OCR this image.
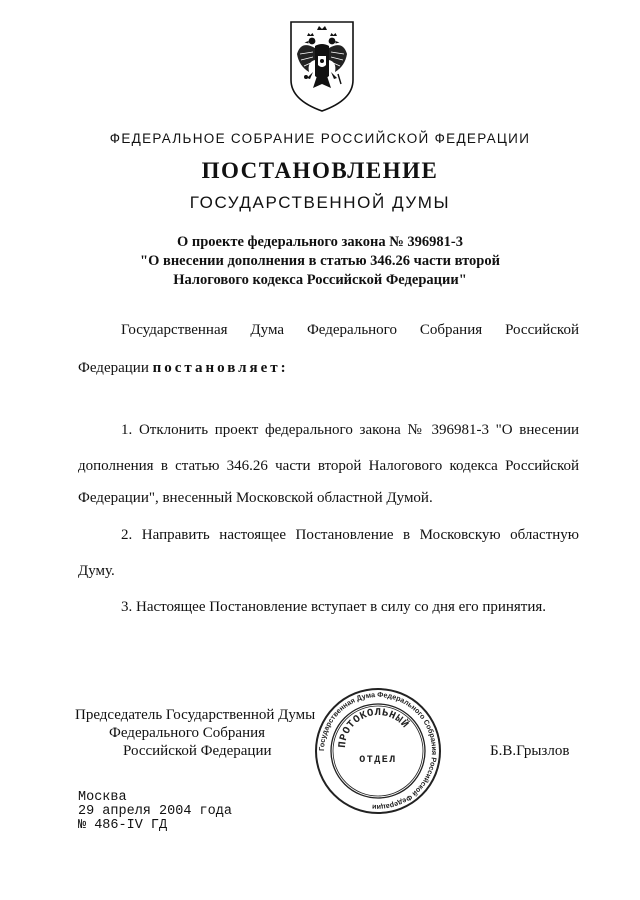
ФЕДЕРАЛЬНОЕ СОБРАНИЕ РОССИЙСКОЙ ФЕДЕРАЦИИ
ПОСТАНОВЛЕНИЕ
ГОСУДАРСТВЕННОЙ ДУМЫ
О проекте федерального закона № 396981-3
"О внесении дополнения в статью 346.26 части второй
Налогового кодекса Российской Федерации"
Государственная Дума Федерального Собрания Российской
Федерации постановляет:
1. Отклонить проект федерального закона № 396981-3 "О внесении
дополнения в статью 346.26 части второй Налогового кодекса Российской
Федерации", внесенный Московской областной Думой.
2. Направить настоящее Постановление в Московскую областную
Думу.
3. Настоящее Постановление вступает в силу со дня его принятия.
Председатель Государственной Думы
Федерального Собрания
Российской Федерации	Б.В.Грызлов
Государственная Дума Федерального Собрания Российской Федерации
ПРОТОКОЛЬНЫЙ
ОТДЕЛ
Москва
29 апреля 2004 года
№ 486-IV ГД
